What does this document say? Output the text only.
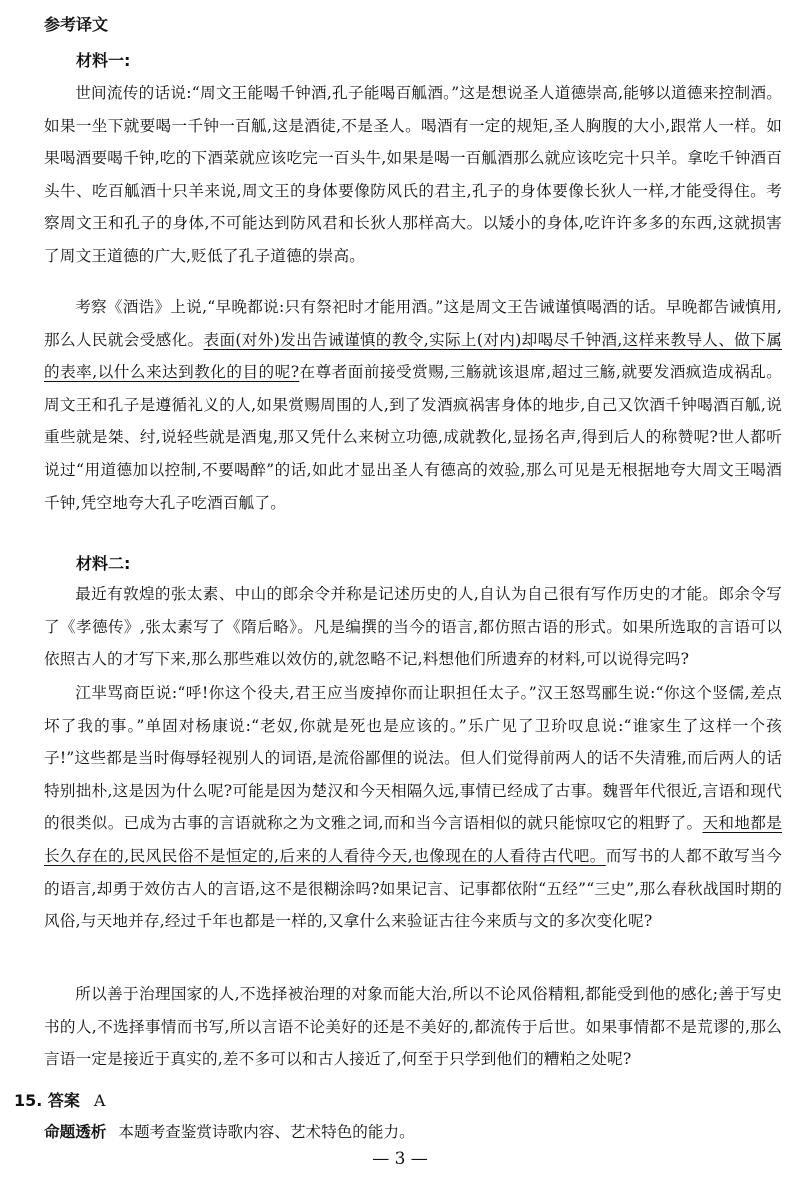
参考译文
材料一:
世间流传的话说:“周文王能喝千钟酒,孔子能喝百觚酒。”这是想说圣人道德崇高,能够以道德来控制酒。如果一坐下就要喝一千钟一百觚,这是酒徒,不是圣人。喝酒有一定的规矩,圣人胸腹的大小,跟常人一样。如果喝酒要喝千钟,吃的下酒菜就应该吃完一百头牛,如果是喝一百觚酒那么就应该吃完十只羊。拿吃千钟酒百头牛、吃百觚酒十只羊来说,周文王的身体要像防风氏的君主,孔子的身体要像长狄人一样,才能受得住。考察周文王和孔子的身体,不可能达到防风君和长狄人那样高大。以矮小的身体,吃许许多多的东西,这就损害了周文王道德的广大,贬低了孔子道德的崇高。
考察《酒诰》上说,“早晚都说:只有祭祀时才能用酒。”这是周文王告诫谨慎喝酒的话。早晚都告诫慎用,那么人民就会受感化。表面(对外)发出告诫谨慎的教令,实际上(对内)却喝尽千钟酒,这样来教导人、做下属的表率,以什么来达到教化的目的呢?在尊者面前接受赏赐,三觞就该退席,超过三觞,就要发酒疯造成祸乱。周文王和孔子是遵循礼义的人,如果赏赐周围的人,到了发酒疯祸害身体的地步,自己又饮酒千钟喝酒百觚,说重些就是桀、纣,说轻些就是酒鬼,那又凭什么来树立功德,成就教化,显扬名声,得到后人的称赞呢?世人都听说过“用道德加以控制,不要喝醉”的话,如此才显出圣人有德高的效验,那么可见是无根据地夸大周文王喝酒千钟,凭空地夸大孔子吃酒百觚了。
材料二:
最近有敦煌的张太素、中山的郎余令并称是记述历史的人,自认为自己很有写作历史的才能。郎余令写了《孝德传》,张太素写了《隋后略》。凡是编撰的当今的语言,都仿照古语的形式。如果所选取的言语可以依照古人的才写下来,那么那些难以效仿的,就忽略不记,料想他们所遗弃的材料,可以说得完吗?
江芈骂商臣说:“呼!你这个役夫,君王应当废掉你而让职担任太子。”汉王怒骂郦生说:“你这个竖儒,差点坏了我的事。”单固对杨康说:“老奴,你就是死也是应该的。”乐广见了卫玠叹息说:“谁家生了这样一个孩子!”这些都是当时侮辱轻视别人的词语,是流俗鄙俚的说法。但人们觉得前两人的话不失清雅,而后两人的话特别拙朴,这是因为什么呢?可能是因为楚汉和今天相隔久远,事情已经成了古事。魏晋年代很近,言语和现代的很类似。已成为古事的言语就称之为文雅之词,而和当今言语相似的就只能惊叹它的粗野了。天和地都是长久存在的,民风民俗不是恒定的,后来的人看待今天,也像现在的人看待古代吧。而写书的人都不敢写当今的语言,却勇于效仿古人的言语,这不是很糊涂吗?如果记言、记事都依附“五经”“三史”,那么春秋战国时期的风俗,与天地并存,经过千年也都是一样的,又拿什么来验证古往今来质与文的多次变化呢?
所以善于治理国家的人,不选择被治理的对象而能大治,所以不论风俗精粗,都能受到他的感化;善于写史书的人,不选择事情而书写,所以言语不论美好的还是不美好的,都流传于后世。如果事情都不是荒谬的,那么言语一定是接近于真实的,差不多可以和古人接近了,何至于只学到他们的糟粕之处呢?
15. 答案 A
命题透析 本题考查鉴赏诗歌内容、艺术特色的能力。
— 3 —
